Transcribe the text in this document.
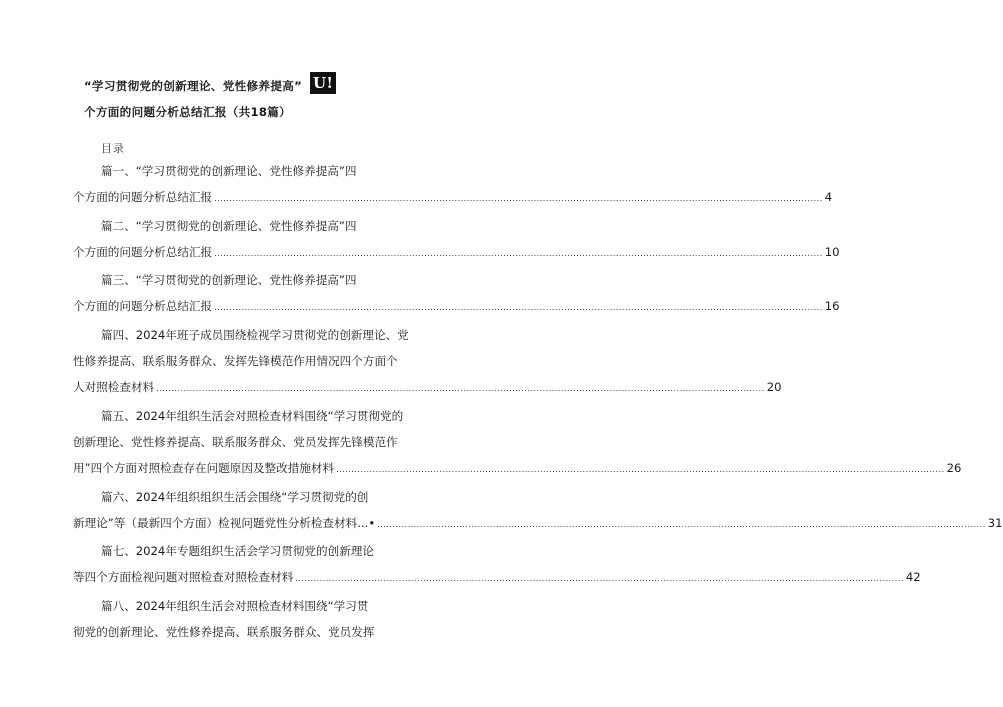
“学习贯彻党的创新理论、党性修养提高” U!
个方面的问题分析总结汇报（共18篇）
目录
篇一、“学习贯彻党的创新理论、党性修养提高”四
个方面的问题分析总结汇报 ........................................................................................................................................................................................................ 4
篇二、“学习贯彻党的创新理论、党性修养提高”四
个方面的问题分析总结汇报 ........................................................................................................................................................................................................ 10
篇三、“学习贯彻党的创新理论、党性修养提高”四
个方面的问题分析总结汇报 ........................................................................................................................................................................................................ 16
篇四、2024年班子成员围绕检视学习贯彻党的创新理论、党
性修养提高、联系服务群众、发挥先锋模范作用情况四个方面个
人对照检查材料 ........................................................................................................................................................................................................ 20
篇五、2024年组织生活会对照检查材料围绕“学习贯彻党的
创新理论、党性修养提高、联系服务群众、党员发挥先锋模范作
用”四个方面对照检查存在问题原因及整改措施材料 ........................................................................................................................................................................................................ 26
篇六、2024年组织组织生活会围绕“学习贯彻党的创
新理论”等（最新四个方面）检视问题党性分析检查材料...• ........................................................................................................................................................................................................ 31
篇七、2024年专题组织生活会学习贯彻党的创新理论
等四个方面检视问题对照检查对照检查材料 ........................................................................................................................................................................................................ 42
篇八、2024年组织生活会对照检查材料围绕“学习贯
彻党的创新理论、党性修养提高、联系服务群众、党员发挥
